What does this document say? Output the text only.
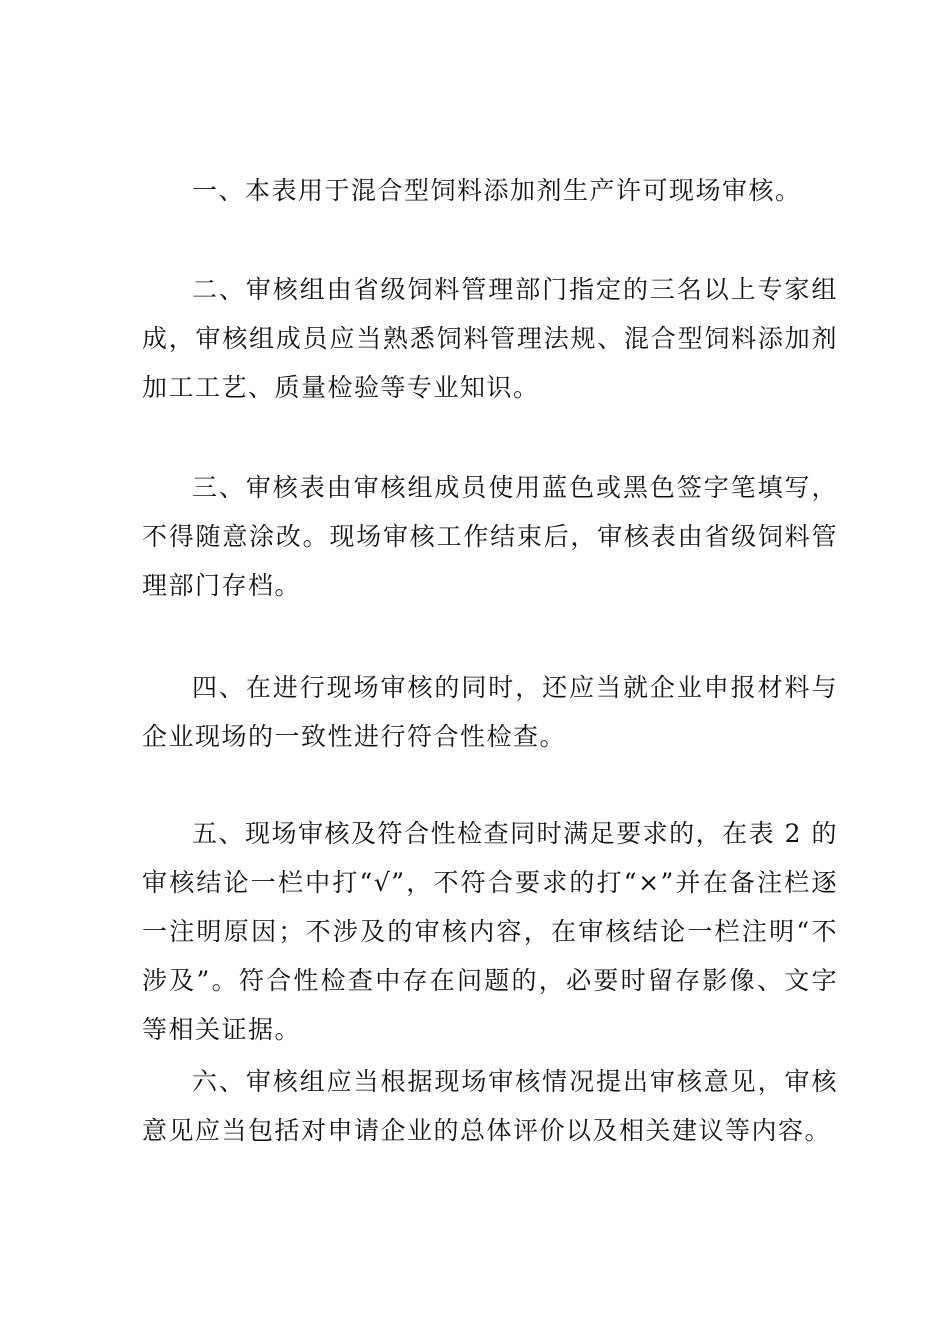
一、本表用于混合型饲料添加剂生产许可现场审核。

二、审核组由省级饲料管理部门指定的三名以上专家组成，审核组成员应当熟悉饲料管理法规、混合型饲料添加剂加工工艺、质量检验等专业知识。

三、审核表由审核组成员使用蓝色或黑色签字笔填写，不得随意涂改。现场审核工作结束后，审核表由省级饲料管理部门存档。

四、在进行现场审核的同时，还应当就企业申报材料与企业现场的一致性进行符合性检查。

五、现场审核及符合性检查同时满足要求的，在表 2 的审核结论一栏中打“√”，不符合要求的打“×”并在备注栏逐一注明原因；不涉及的审核内容，在审核结论一栏注明“不涉及”。符合性检查中存在问题的，必要时留存影像、文字等相关证据。

六、审核组应当根据现场审核情况提出审核意见，审核意见应当包括对申请企业的总体评价以及相关建议等内容。
